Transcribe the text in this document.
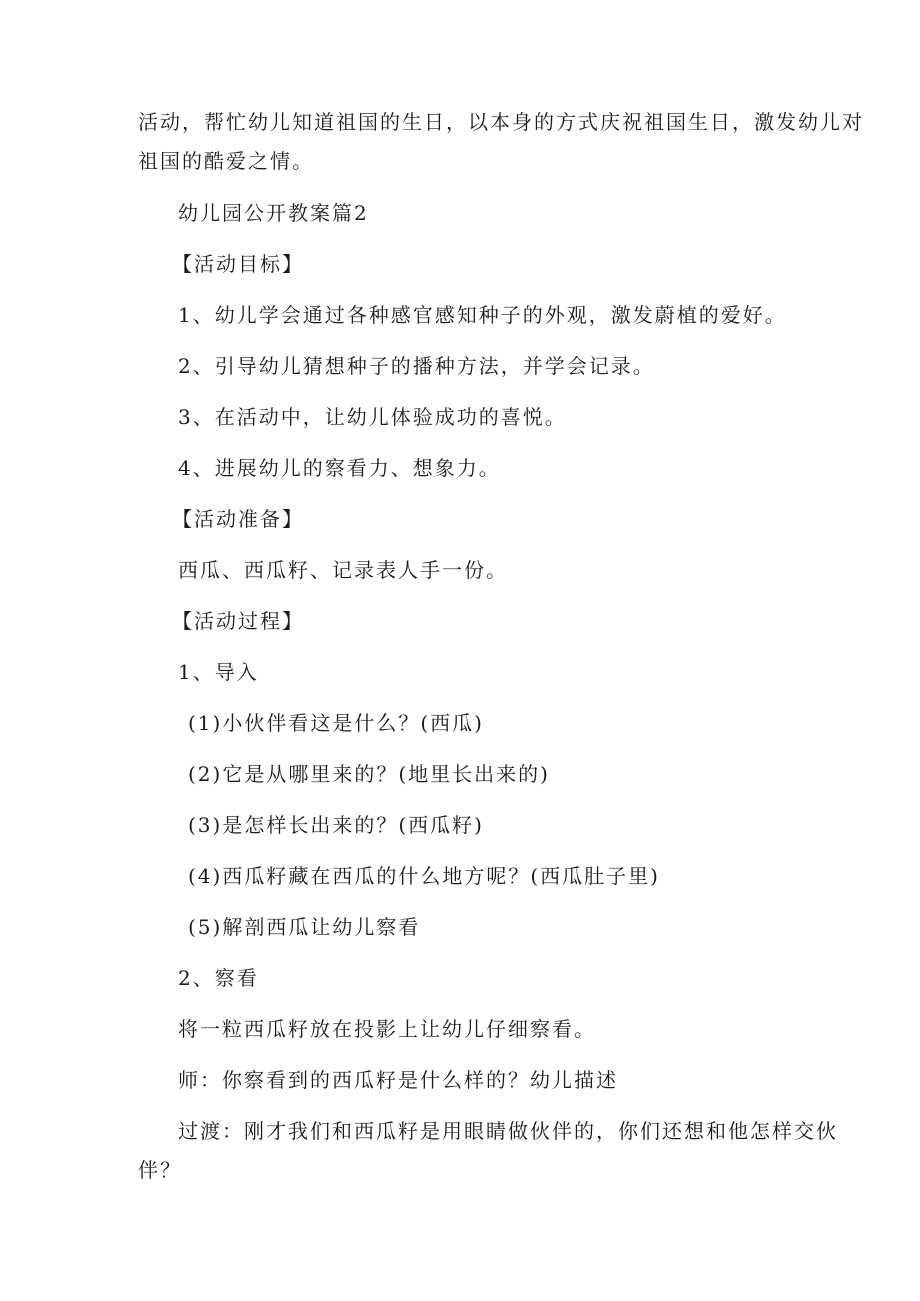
活动，帮忙幼儿知道祖国的生日，以本身的方式庆祝祖国生日，激发幼儿对
祖国的酷爱之情。
幼儿园公开教案篇2
【活动目标】
1、幼儿学会通过各种感官感知种子的外观，激发蔚植的爱好。
2、引导幼儿猜想种子的播种方法，并学会记录。
3、在活动中，让幼儿体验成功的喜悦。
4、进展幼儿的察看力、想象力。
【活动准备】
西瓜、西瓜籽、记录表人手一份。
【活动过程】
1、导入
(1)小伙伴看这是什么？(西瓜)
(2)它是从哪里来的？(地里长出来的)
(3)是怎样长出来的？(西瓜籽)
(4)西瓜籽藏在西瓜的什么地方呢？(西瓜肚子里)
(5)解剖西瓜让幼儿察看
2、察看
将一粒西瓜籽放在投影上让幼儿仔细察看。
师：你察看到的西瓜籽是什么样的？幼儿描述
过渡：刚才我们和西瓜籽是用眼睛做伙伴的，你们还想和他怎样交伙
伴？
